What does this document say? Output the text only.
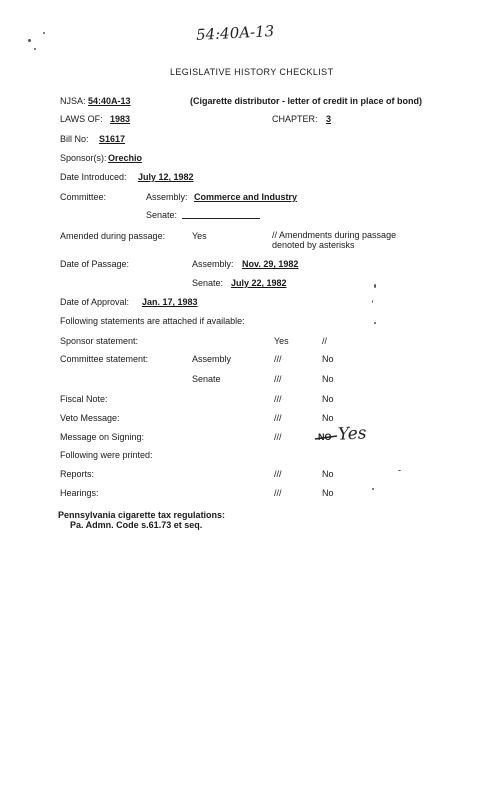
54:40A-13
LEGISLATIVE HISTORY CHECKLIST
NJSA: 54:40A-13	(Cigarette distributor - letter of credit in place of bond)
LAWS OF: 1983	CHAPTER: 3
Bill No: S1617
Sponsor(s): Orechio
Date Introduced: July 12, 1982
Committee:	Assembly: Commerce and Industry
Senate:
Amended during passage:	Yes	// Amendments during passage
denoted by asterisks
Date of Passage:	Assembly: Nov. 29, 1982
Senate: July 22, 1982
Date of Approval: Jan. 17, 1983
Following statements are attached if available:
Sponsor statement:	Yes	//
Committee statement:	Assembly	///	No
Senate	///	No
Fiscal Note:	///	No
Veto Message:	///	No
Message on Signing:	///	NO Yes
Following were printed:
Reports:	///	No
Hearings:	///	No
Pennsylvania cigarette tax regulations:
Pa. Admn. Code s.61.73 et seq.
